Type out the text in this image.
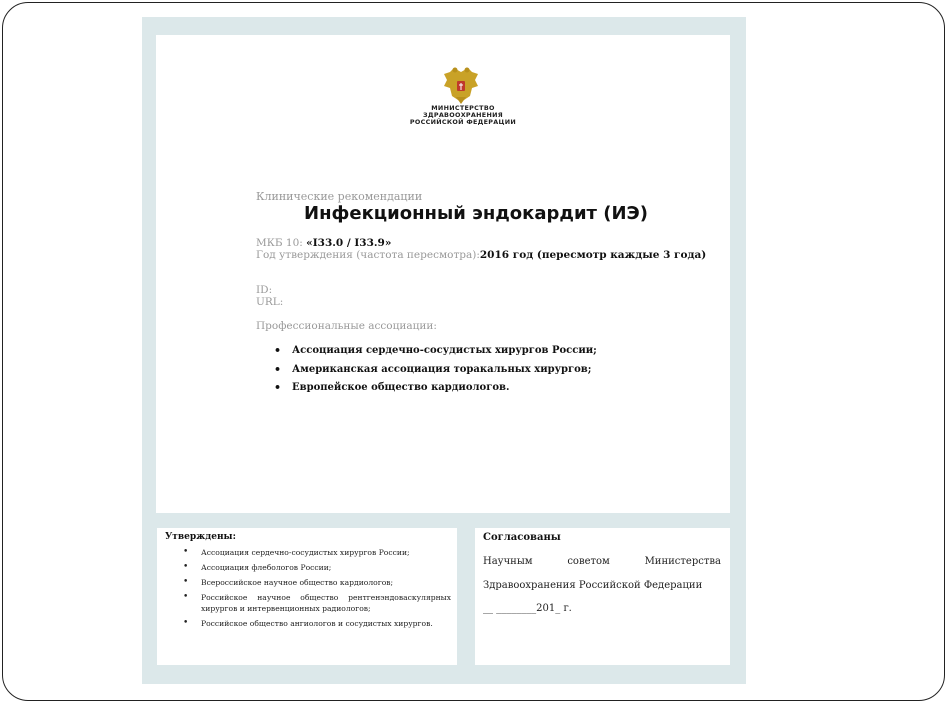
МИНИСТЕРСТВО
ЗДРАВООХРАНЕНИЯ
РОССИЙСКОЙ ФЕДЕРАЦИИ
Клинические рекомендации
Инфекционный эндокардит (ИЭ)
МКБ 10: «I33.0 / I33.9»
Год утверждения (частота пересмотра):2016 год (пересмотр каждые 3 года)
ID:
URL:
Профессиональные ассоциации:
• Ассоциация сердечно-сосудистых хирургов России;
• Американская ассоциация торакальных хирургов;
• Европейское общество кардиологов.
Утверждены:
• Ассоциация сердечно-сосудистых хирургов России;
• Ассоциация флебологов России;
• Всероссийское научное общество кардиологов;
• Российское научное общество рентгенэндоваскулярных хирургов и интервенционных радиологов;
• Российское общество ангиологов и сосудистых хирургов.
Согласованы
Научным	советом	Министерства
Здравоохранения Российской Федерации
__ ________201_ г.
